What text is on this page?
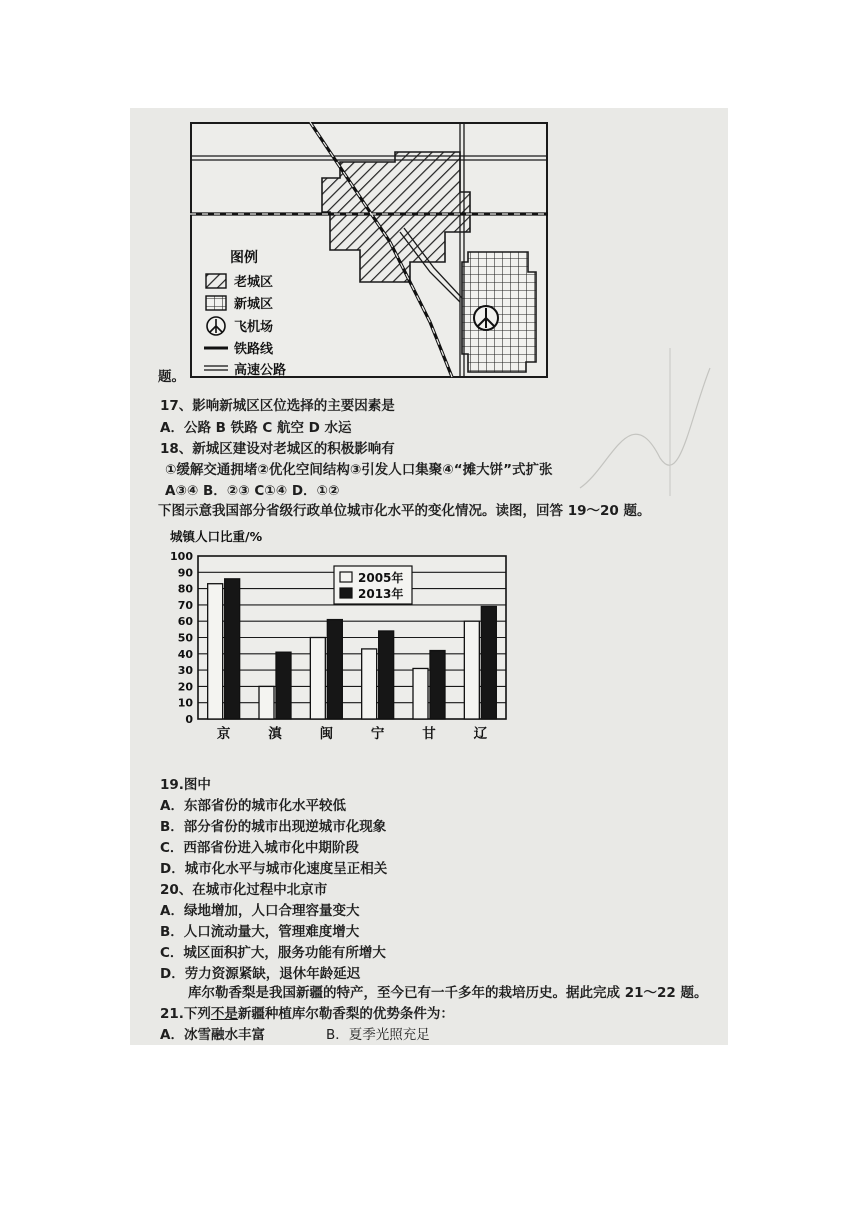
图例
老城区
新城区
飞机场
铁路线
高速公路
题。
17、影响新城区区位选择的主要因素是
A．公路 B 铁路 C 航空 D 水运
18、新城区建设对老城区的积极影响有
①缓解交通拥堵②优化空间结构③引发人口集聚④“摊大饼”式扩张
A③④ B．②③ C①④ D．①②
下图示意我国部分省级行政单位城市化水平的变化情况。读图，回答 19～20 题。
城镇人口比重/%
0
10
20
30
40
50
60
70
80
90
100
京	滇	闽	宁	甘	辽
2005年
2013年
19.图中
A．东部省份的城市化水平较低
B．部分省份的城市出现逆城市化现象
C．西部省份进入城市化中期阶段
D．城市化水平与城市化速度呈正相关
20、在城市化过程中北京市
A．绿地增加，人口合理容量变大
B．人口流动量大，管理难度增大
C．城区面积扩大，服务功能有所增大
D．劳力资源紧缺，退休年龄延迟
库尔勒香梨是我国新疆的特产，至今已有一千多年的栽培历史。据此完成 21～22 题。
21.下列不是新疆种植库尔勒香梨的优势条件为：
A．冰雪融水丰富	B．夏季光照充足
